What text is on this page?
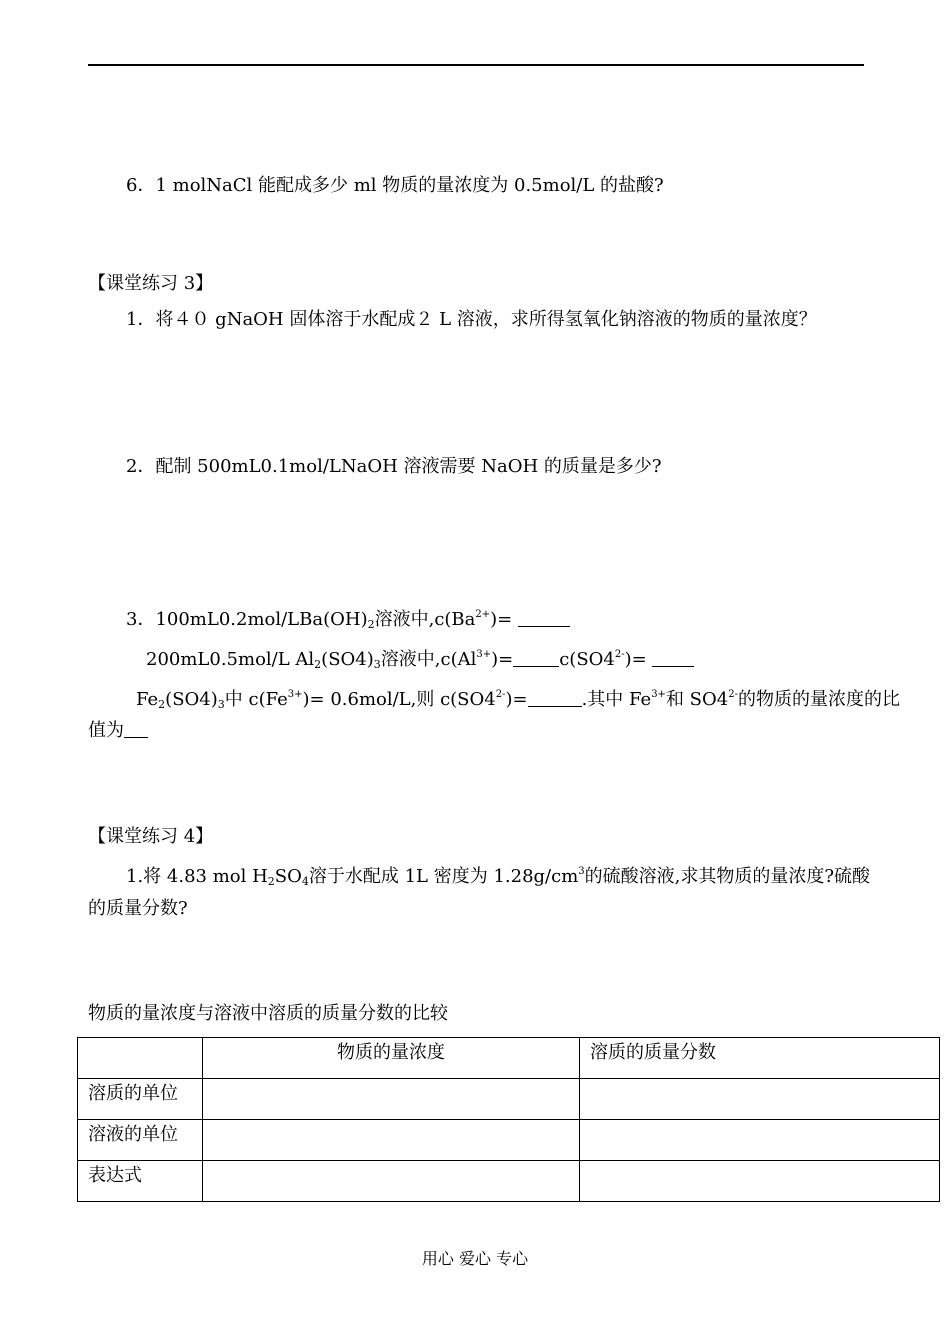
6．1 molNaCl 能配成多少 ml 物质的量浓度为 0.5mol/L 的盐酸?
【课堂练习 3】
1．将４０ gNaOH 固体溶于水配成２ L 溶液，求所得氢氧化钠溶液的物质的量浓度？
2．配制 500mL0.1mol/LNaOH 溶液需要 NaOH 的质量是多少?
3．$100mL0.2mol/LBa(OH)_2$溶液中$,c(Ba^{2+})=$
200mL0.5mol/L $Al_2(SO4)_3$溶液中$,c(Al^{3+})=$	$c(SO4^{2-})=$
$Fe_2(SO4)_3$中 $c(Fe^{3+})= 0.6mol/L$,则 $c(SO4^{2-})=$	.其中 $Fe^{3+}$和 $SO4^{2-}$的物质的量浓度的比
值为
【课堂练习 4】
1.将 4.83 mol $H_2SO_4$溶于水配成 1L 密度为 $1.28g/cm^3$的硫酸溶液,求其物质的量浓度?硫酸
的质量分数?
物质的量浓度与溶液中溶质的质量分数的比较
	物质的量浓度	溶质的质量分数
溶质的单位		
溶液的单位		
表达式		
用心 爱心 专心
